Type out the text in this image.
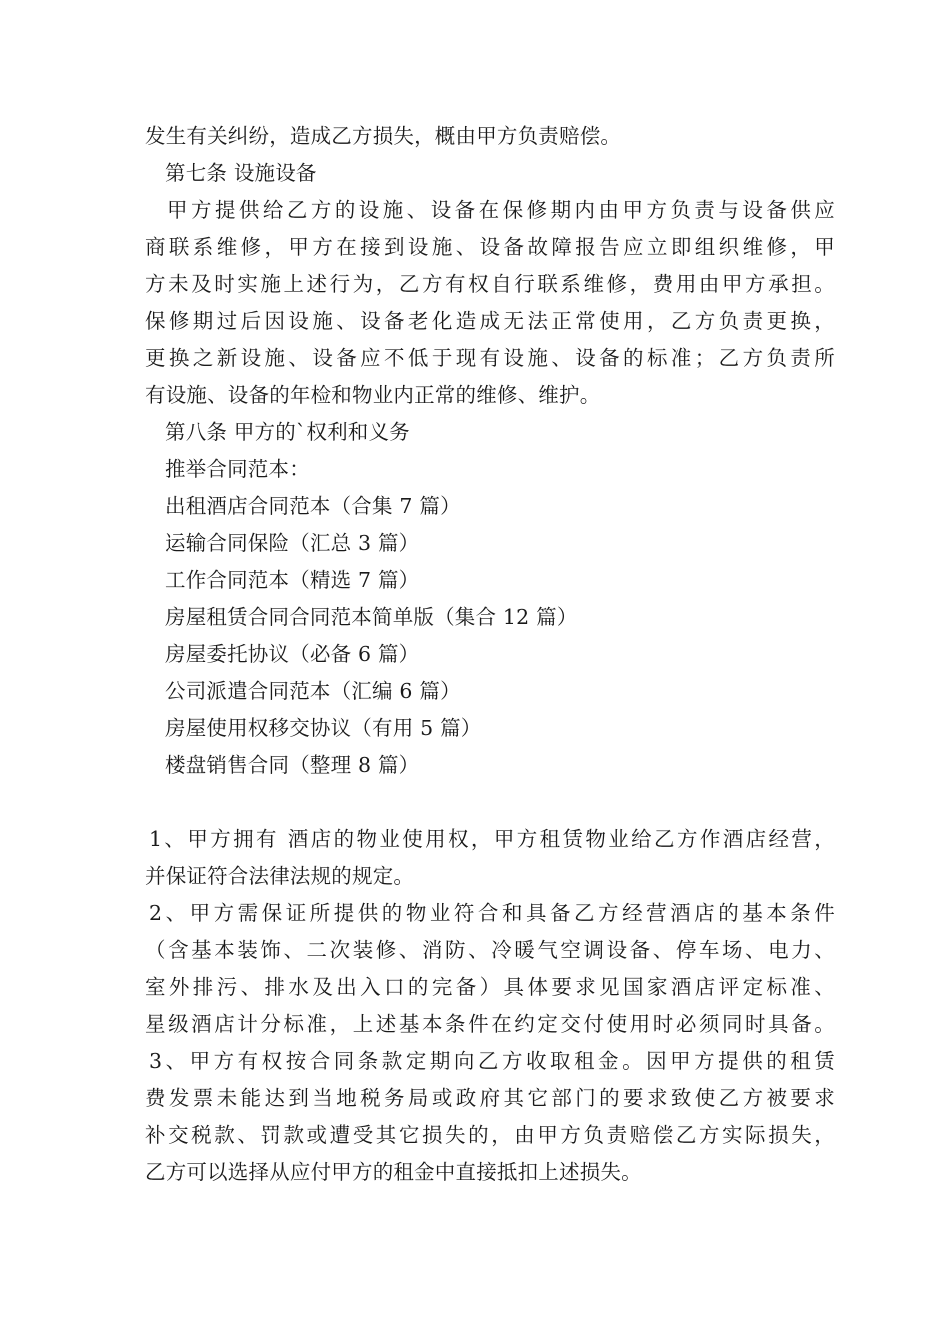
发生有关纠纷，造成乙方损失，概由甲方负责赔偿。
第七条 设施设备
甲方提供给乙方的设施、设备在保修期内由甲方负责与设备供应
商联系维修，甲方在接到设施、设备故障报告应立即组织维修，甲
方未及时实施上述行为，乙方有权自行联系维修，费用由甲方承担。
保修期过后因设施、设备老化造成无法正常使用，乙方负责更换，
更换之新设施、设备应不低于现有设施、设备的标准；乙方负责所
有设施、设备的年检和物业内正常的维修、维护。
第八条 甲方的`权利和义务
推举合同范本：
出租酒店合同范本（合集 7 篇）
运输合同保险（汇总 3 篇）
工作合同范本（精选 7 篇）
房屋租赁合同合同范本简单版（集合 12 篇）
房屋委托协议（必备 6 篇）
公司派遣合同范本（汇编 6 篇）
房屋使用权移交协议（有用 5 篇）
楼盘销售合同（整理 8 篇）
1、甲方拥有 酒店的物业使用权，甲方租赁物业给乙方作酒店经营，
并保证符合法律法规的规定。
2、甲方需保证所提供的物业符合和具备乙方经营酒店的基本条件
（含基本装饰、二次装修、消防、冷暖气空调设备、停车场、电力、
室外排污、排水及出入口的完备）具体要求见国家酒店评定标准、
星级酒店计分标准，上述基本条件在约定交付使用时必须同时具备。
3、甲方有权按合同条款定期向乙方收取租金。因甲方提供的租赁
费发票未能达到当地税务局或政府其它部门的要求致使乙方被要求
补交税款、罚款或遭受其它损失的，由甲方负责赔偿乙方实际损失，
乙方可以选择从应付甲方的租金中直接抵扣上述损失。
